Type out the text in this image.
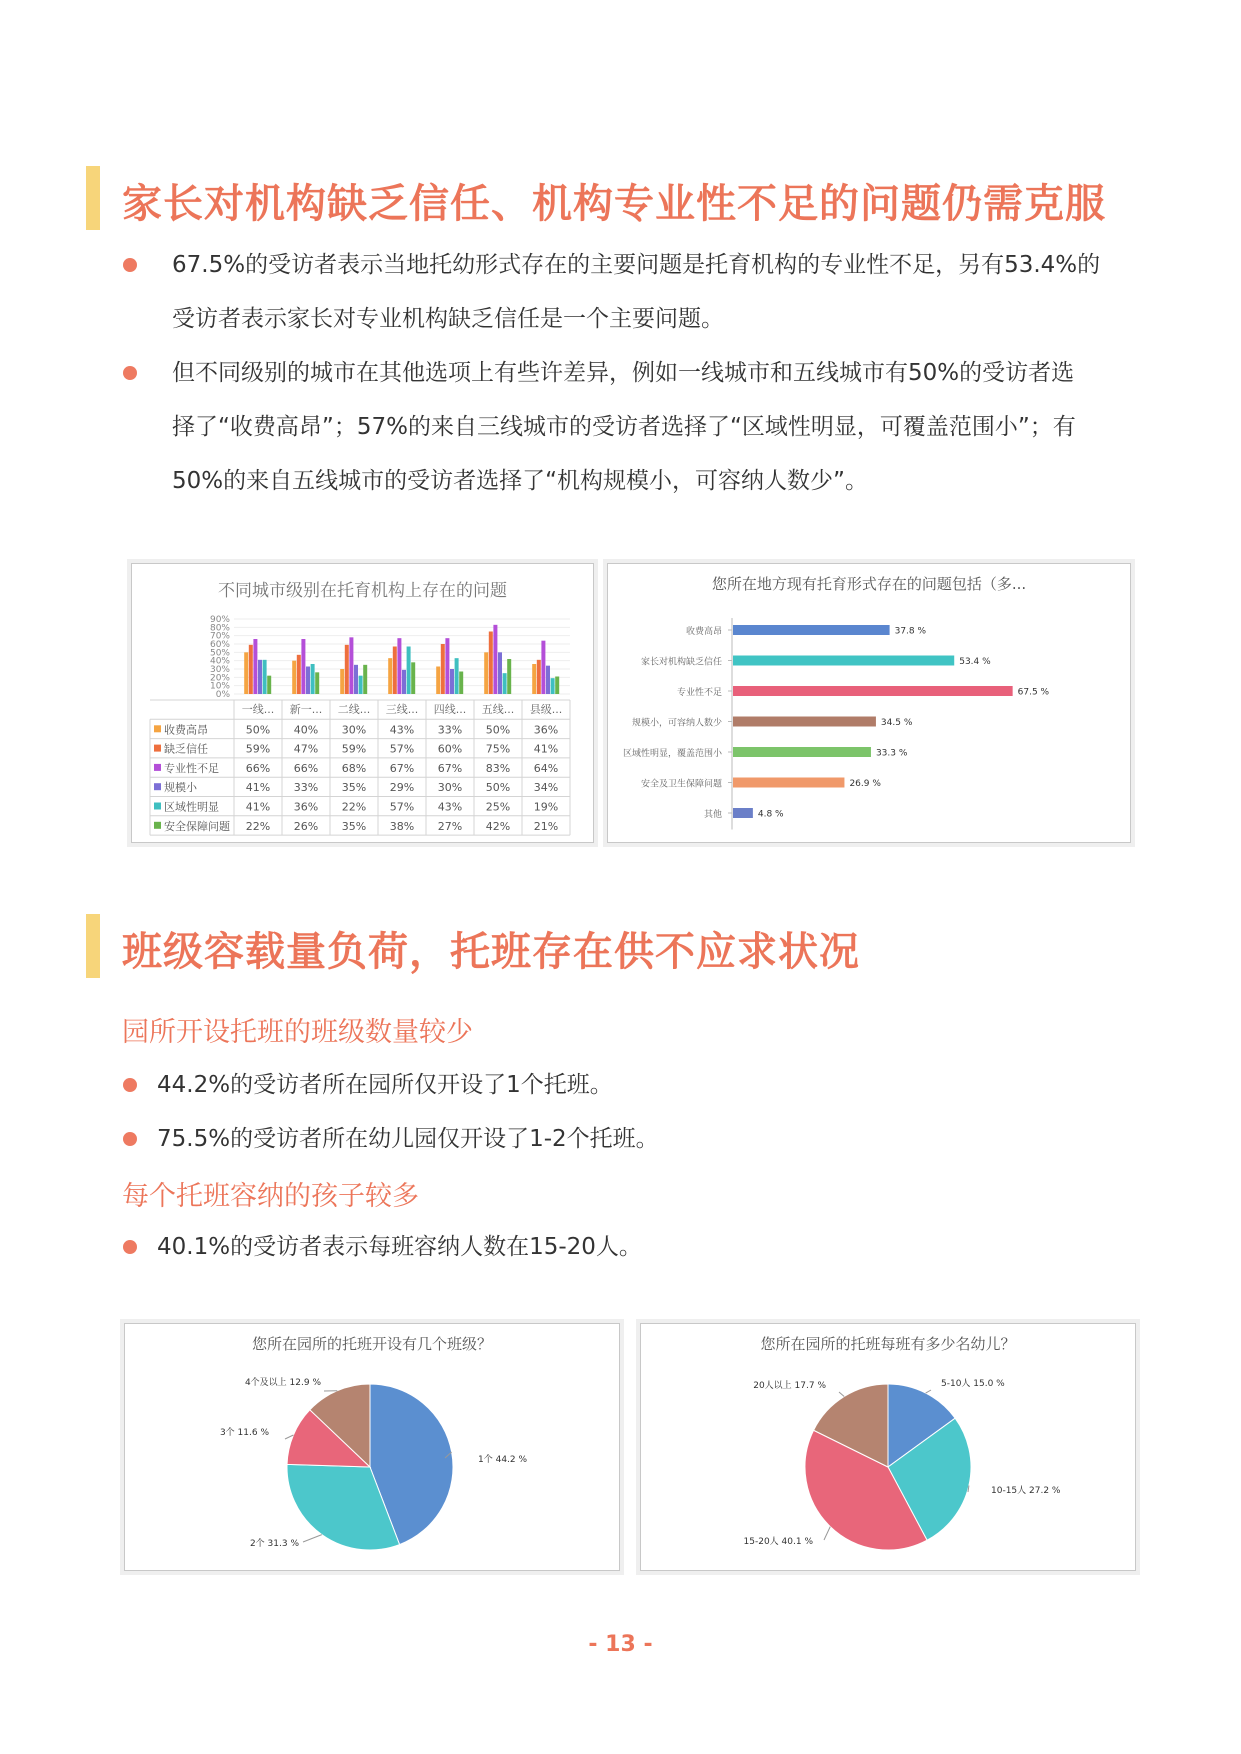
家长对机构缺乏信任、机构专业性不足的问题仍需克服
67.5%的受访者表示当地托幼形式存在的主要问题是托育机构的专业性不足，另有53.4%的
受访者表示家长对专业机构缺乏信任是一个主要问题。
但不同级别的城市在其他选项上有些许差异，例如一线城市和五线城市有50%的受访者选
择了“收费高昂”；57%的来自三线城市的受访者选择了“区域性明显，可覆盖范围小”；有
50%的来自五线城市的受访者选择了“机构规模小，可容纳人数少”。
不同城市级别在托育机构上存在的问题
90%
80%
70%
60%
50%
40%
30%
20%
10%
0%
一线... 新一... 二线... 三线... 四线... 五线... 县级...
收费高昂	50% 40% 30% 43% 33% 50% 36%
缺乏信任	59% 47% 59% 57% 60% 75% 41%
专业性不足 66% 66% 68% 67% 67% 83% 64%
规模小	41% 33% 35% 29% 30% 50% 34%
区域性明显 41% 36% 22% 57% 43% 25% 19%
安全保障问题 22% 26% 35% 38% 27% 42% 21%
您所在地方现有托育形式存在的问题包括（多...
收费高昂	37.8 %
家长对机构缺乏信任	53.4 %
专业性不足	67.5 %
规模小，可容纳人数少	34.5 %
区域性明显，覆盖范围小	33.3 %
安全及卫生保障问题	26.9 %
其他	4.8 %
班级容载量负荷，托班存在供不应求状况
园所开设托班的班级数量较少
44.2%的受访者所在园所仅开设了1个托班。
75.5%的受访者所在幼儿园仅开设了1-2个托班。
每个托班容纳的孩子较多
40.1%的受访者表示每班容纳人数在15-20人。
您所在园所的托班开设有几个班级？
1个 44.2 %
2个 31.3 %
3个 11.6 %
4个及以上 12.9 %
您所在园所的托班每班有多少名幼儿？
5-10人 15.0 %
10-15人 27.2 %
15-20人 40.1 %
20人以上 17.7 %
- 13 -
